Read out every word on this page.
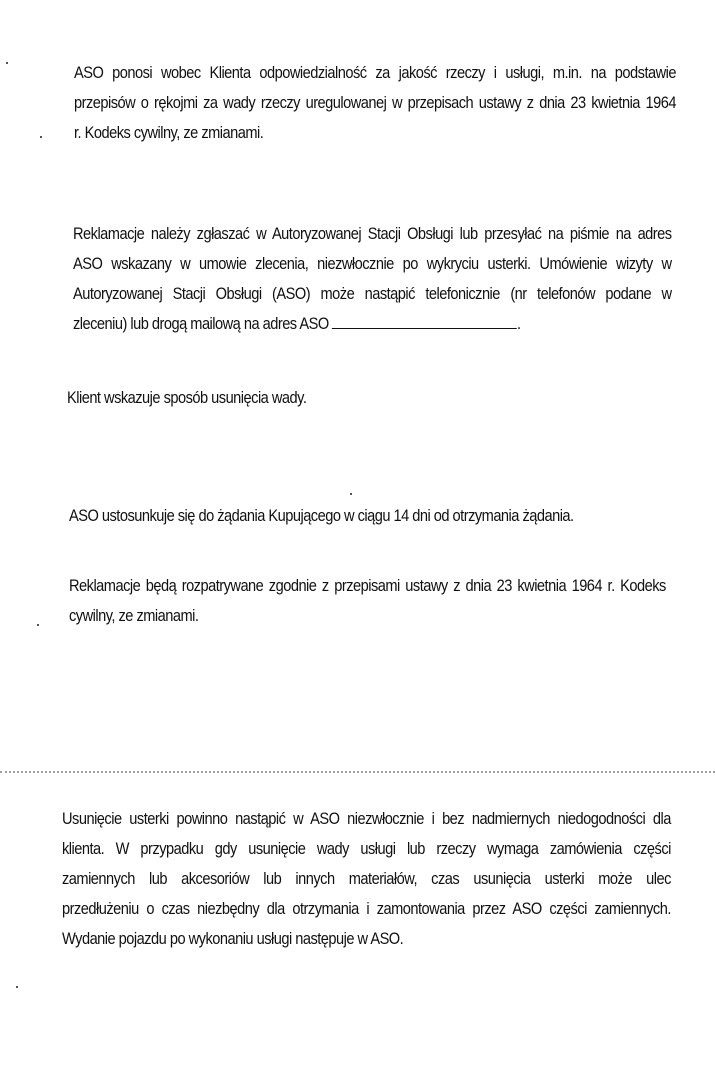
ASO ponosi wobec Klienta odpowiedzialność za jakość rzeczy i usługi, m.in. na podstawie
przepisów o rękojmi za wady rzeczy uregulowanej w przepisach ustawy z dnia 23 kwietnia 1964
r. Kodeks cywilny, ze zmianami.
Reklamacje należy zgłaszać w Autoryzowanej Stacji Obsługi lub przesyłać na piśmie na adres
ASO wskazany w umowie zlecenia, niezwłocznie po wykryciu usterki. Umówienie wizyty w
Autoryzowanej Stacji Obsługi (ASO) może nastąpić telefonicznie (nr telefonów podane w
zleceniu) lub drogą mailową na adres ASO	.
Klient wskazuje sposób usunięcia wady.
ASO ustosunkuje się do żądania Kupującego w ciągu 14 dni od otrzymania żądania.
Reklamacje będą rozpatrywane zgodnie z przepisami ustawy z dnia 23 kwietnia 1964 r. Kodeks
cywilny, ze zmianami.
Usunięcie usterki powinno nastąpić w ASO niezwłocznie i bez nadmiernych niedogodności dla
klienta. W przypadku gdy usunięcie wady usługi lub rzeczy wymaga zamówienia części
zamiennych lub akcesoriów lub innych materiałów, czas usunięcia usterki może ulec
przedłużeniu o czas niezbędny dla otrzymania i zamontowania przez ASO części zamiennych.
Wydanie pojazdu po wykonaniu usługi następuje w ASO.
